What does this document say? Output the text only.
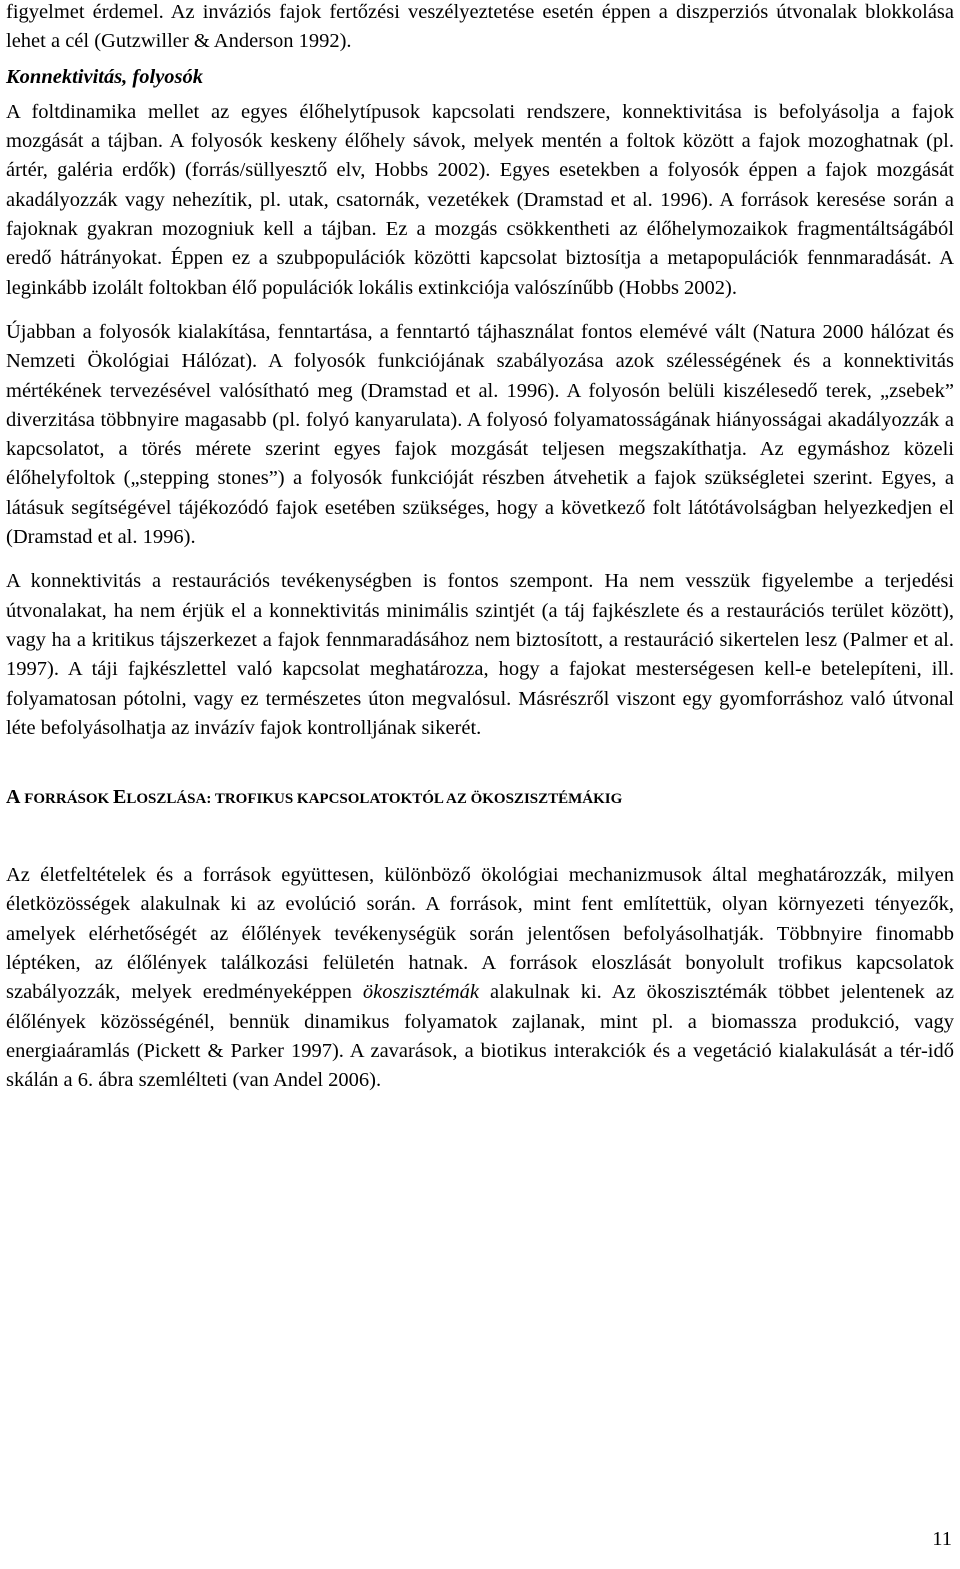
figyelmet érdemel. Az inváziós fajok fertőzési veszélyeztetése esetén éppen a diszperziós útvonalak blokkolása lehet a cél (Gutzwiller & Anderson 1992).

Konnektivitás, folyosók

A foltdinamika mellet az egyes élőhelytípusok kapcsolati rendszere, konnektivitása is befolyásolja a fajok mozgását a tájban. A folyosók keskeny élőhely sávok, melyek mentén a foltok között a fajok mozoghatnak (pl. ártér, galéria erdők) (forrás/süllyesztő elv, Hobbs 2002). Egyes esetekben a folyosók éppen a fajok mozgását akadályozzák vagy nehezítik, pl. utak, csatornák, vezetékek (Dramstad et al. 1996). A források keresése során a fajoknak gyakran mozogniuk kell a tájban. Ez a mozgás csökkentheti az élőhelymozaikok fragmentáltságából eredő hátrányokat. Éppen ez a szubpopulációk közötti kapcsolat biztosítja a metapopulációk fennmaradását. A leginkább izolált foltokban élő populációk lokális extinkciója valószínűbb (Hobbs 2002).

Újabban a folyosók kialakítása, fenntartása, a fenntartó tájhasználat fontos elemévé vált (Natura 2000 hálózat és Nemzeti Ökológiai Hálózat). A folyosók funkciójának szabályozása azok szélességének és a konnektivitás mértékének tervezésével valósítható meg (Dramstad et al. 1996). A folyosón belüli kiszélesedő terek, „zsebek” diverzitása többnyire magasabb (pl. folyó kanyarulata). A folyosó folyamatosságának hiányosságai akadályozzák a kapcsolatot, a törés mérete szerint egyes fajok mozgását teljesen megszakíthatja. Az egymáshoz közeli élőhelyfoltok („stepping stones”) a folyosók funkcióját részben átvehetik a fajok szükségletei szerint. Egyes, a látásuk segítségével tájékozódó fajok esetében szükséges, hogy a következő folt látótávolságban helyezkedjen el (Dramstad et al. 1996).

A konnektivitás a restaurációs tevékenységben is fontos szempont. Ha nem vesszük figyelembe a terjedési útvonalakat, ha nem érjük el a konnektivitás minimális szintjét (a táj fajkészlete és a restaurációs terület között), vagy ha a kritikus tájszerkezet a fajok fennmaradásához nem biztosított, a restauráció sikertelen lesz (Palmer et al. 1997). A táji fajkészlettel való kapcsolat meghatározza, hogy a fajokat mesterségesen kell-e betelepíteni, ill. folyamatosan pótolni, vagy ez természetes úton megvalósul. Másrészről viszont egy gyomforráshoz való útvonal léte befolyásolhatja az invázív fajok kontrolljának sikerét.

A FORRÁSOK ELOSZLÁSA: TROFIKUS KAPCSOLATOKTÓL AZ ÖKOSZISZTÉMÁKIG

Az életfeltételek és a források együttesen, különböző ökológiai mechanizmusok által meghatározzák, milyen életközösségek alakulnak ki az evolúció során. A források, mint fent említettük, olyan környezeti tényezők, amelyek elérhetőségét az élőlények tevékenységük során jelentősen befolyásolhatják. Többnyire finomabb léptéken, az élőlények találkozási felületén hatnak. A források eloszlását bonyolult trofikus kapcsolatok szabályozzák, melyek eredményeképpen ökoszisztémák alakulnak ki. Az ökoszisztémák többet jelentenek az élőlények közösségénél, bennük dinamikus folyamatok zajlanak, mint pl. a biomassza produkció, vagy energiaáramlás (Pickett & Parker 1997). A zavarások, a biotikus interakciók és a vegetáció kialakulását a tér-idő skálán a 6. ábra szemlélteti (van Andel 2006).

11
